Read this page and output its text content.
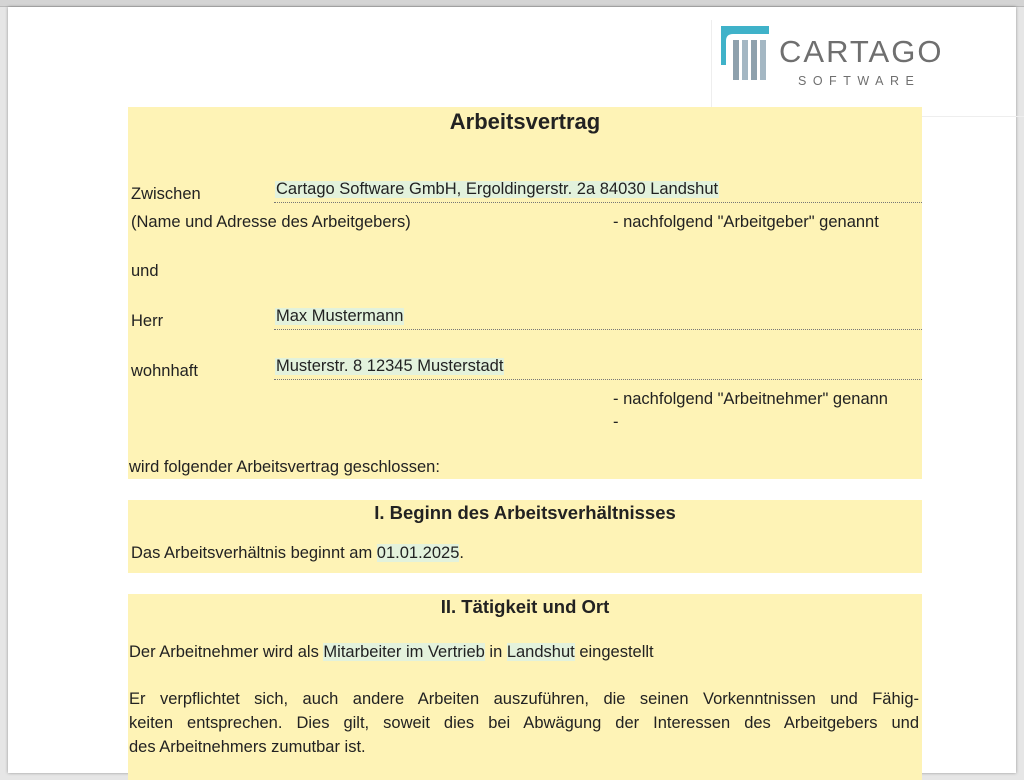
CARTAGO
SOFTWARE
Arbeitsvertrag
Zwischen	Cartago Software GmbH, Ergoldingerstr. 2a 84030 Landshut
(Name und Adresse des Arbeitgebers)	- nachfolgend "Arbeitgeber" genannt
und
Herr	Max Mustermann
wohnhaft	Musterstr. 8 12345 Musterstadt
- nachfolgend "Arbeitnehmer" genann
-
wird folgender Arbeitsvertrag geschlossen:
I. Beginn des Arbeitsverhältnisses
Das Arbeitsverhältnis beginnt am 01.01.2025.
II. Tätigkeit und Ort
Der Arbeitnehmer wird als Mitarbeiter im Vertrieb in Landshut eingestellt
Er verpflichtet sich, auch andere Arbeiten auszuführen, die seinen Vorkenntnissen und Fähig-
keiten entsprechen. Dies gilt, soweit dies bei Abwägung der Interessen des Arbeitgebers und
des Arbeitnehmers zumutbar ist.
